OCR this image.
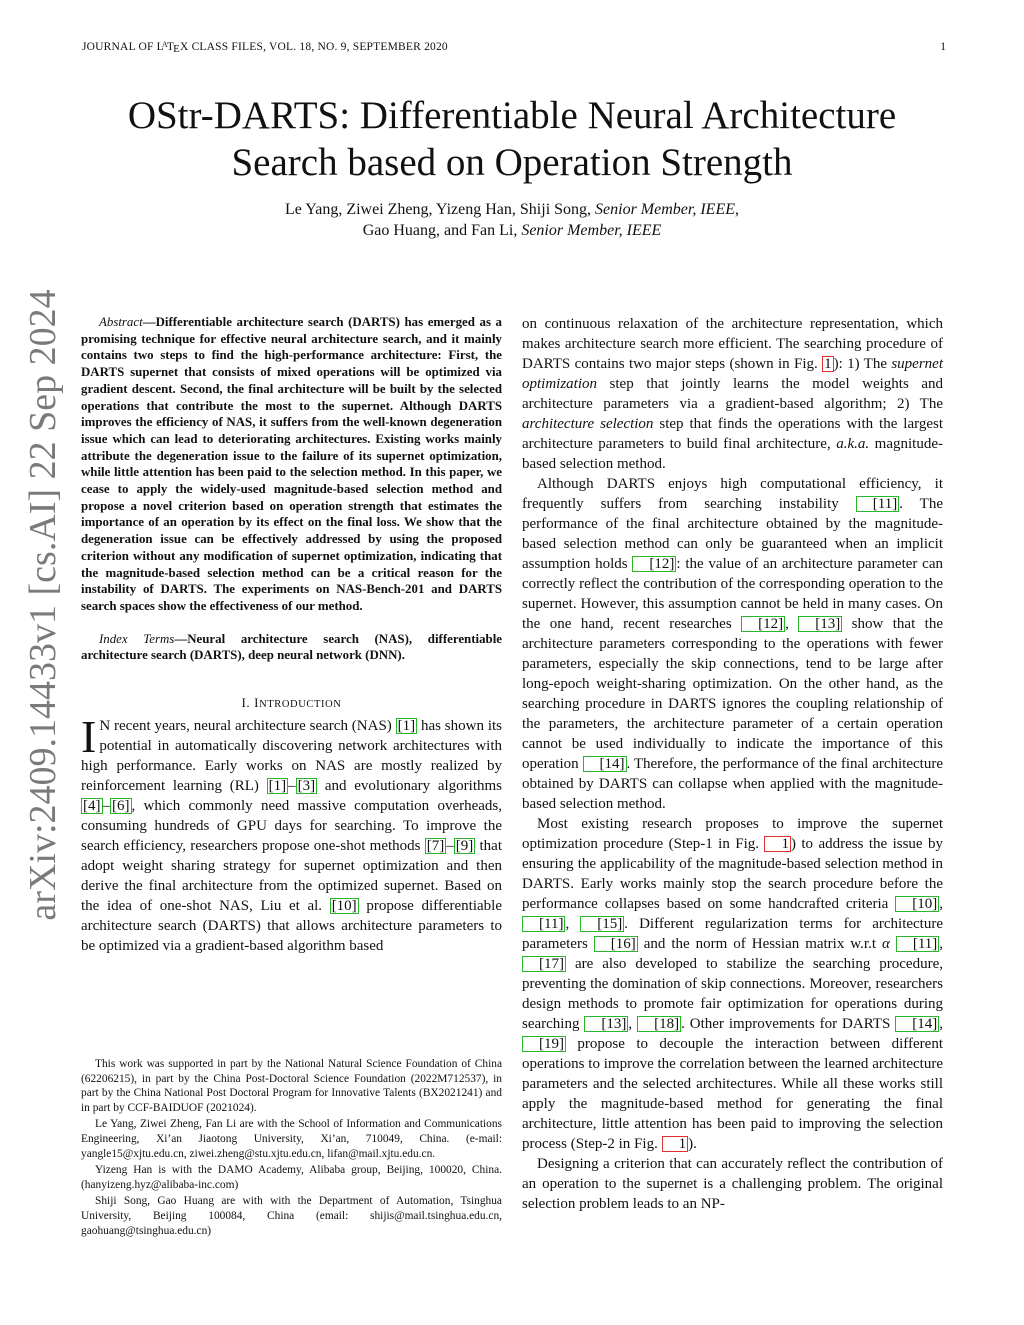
JOURNAL OF $L^ATEX$ CLASS FILES, VOL. 18, NO. 9, SEPTEMBER 2020	1
arXiv:2409.14433v1 [cs.AI] 22 Sep 2024
OStr-DARTS: Differentiable Neural Architecture
Search based on Operation Strength
Le Yang, Ziwei Zheng, Yizeng Han, Shiji Song, Senior Member, IEEE,
Gao Huang, and Fan Li, Senior Member, IEEE

Abstract—Differentiable architecture search (DARTS) has emerged as a promising technique for effective neural architecture search, and it mainly contains two steps to find the high-performance architecture: First, the DARTS supernet that consists of mixed operations will be optimized via gradient descent. Second, the final architecture will be built by the selected operations that contribute the most to the supernet. Although DARTS improves the efficiency of NAS, it suffers from the well-known degeneration issue which can lead to deteriorating architectures. Existing works mainly attribute the degeneration issue to the failure of its supernet optimization, while little attention has been paid to the selection method. In this paper, we cease to apply the widely-used magnitude-based selection method and propose a novel criterion based on operation strength that estimates the importance of an operation by its effect on the final loss. We show that the degeneration issue can be effectively addressed by using the proposed criterion without any modification of supernet optimization, indicating that the magnitude-based selection method can be a critical reason for the instability of DARTS. The experiments on NAS-Bench-201 and DARTS search spaces show the effectiveness of our method.

Index Terms—Neural architecture search (NAS), differentiable architecture search (DARTS), deep neural network (DNN).

I. INTRODUCTION

I N recent years, neural architecture search (NAS) [1] has shown its potential in automatically discovering network architectures with high performance. Early works on NAS are mostly realized by reinforcement learning (RL) [1] – [3] and evolutionary algorithms [4] – [6] , which commonly need massive computation overheads, consuming hundreds of GPU days for searching. To improve the search efficiency, researchers propose one-shot methods [7] – [9] that adopt weight sharing strategy for supernet optimization and then derive the final architecture from the optimized supernet. Based on the idea of one-shot NAS, Liu et al. [10] propose differentiable architecture search (DARTS) that allows architecture parameters to be optimized via a gradient-based algorithm based

This work was supported in part by the National Natural Science Foundation of China (62206215), in part by the China Post-Doctoral Science Foundation (2022M712537), in part by the China National Post Doctoral Program for Innovative Talents (BX2021241) and in part by CCF-BAIDUOF (2021024).

Le Yang, Ziwei Zheng, Fan Li are with the School of Information and Communications Engineering, Xi’an Jiaotong University, Xi’an, 710049, China. (e-mail: yangle15@xjtu.edu.cn, ziwei.zheng@stu.xjtu.edu.cn, lifan@mail.xjtu.edu.cn.

Yizeng Han is with the DAMO Academy, Alibaba group, Beijing, 100020, China. (hanyizeng.hyz@alibaba-inc.com)

Shiji Song, Gao Huang are with with the Department of Automation, Tsinghua University, Beijing 100084, China (email: shijis@mail.tsinghua.edu.cn, gaohuang@tsinghua.edu.cn)

on continuous relaxation of the architecture representation, which makes architecture search more efficient. The searching procedure of DARTS contains two major steps (shown in Fig. 1 ): 1) The supernet optimization step that jointly learns the model weights and architecture parameters via a gradient-based algorithm; 2) The architecture selection step that finds the operations with the largest architecture parameters to build final architecture, a.k.a. magnitude-based selection method.

Although DARTS enjoys high computational efficiency, it frequently suffers from searching instability [11] . The performance of the final architecture obtained by the magnitude-based selection method can only be guaranteed when an implicit assumption holds [12] : the value of an architecture parameter can correctly reflect the contribution of the corresponding operation to the supernet. However, this assumption cannot be held in many cases. On the one hand, recent researches [12] , [13] show that the architecture parameters corresponding to the operations with fewer parameters, especially the skip connections, tend to be large after long-epoch weight-sharing optimization. On the other hand, as the searching procedure in DARTS ignores the coupling relationship of the parameters, the architecture parameter of a certain operation cannot be used individually to indicate the importance of this operation [14] . Therefore, the performance of the final architecture obtained by DARTS can collapse when applied with the magnitude-based selection method.

Most existing research proposes to improve the supernet optimization procedure (Step-1 in Fig. 1 ) to address the issue by ensuring the applicability of the magnitude-based selection method in DARTS. Early works mainly stop the search procedure before the performance collapses based on some handcrafted criteria [10] , [11] , [15] . Different regularization terms for architecture parameters [16] and the norm of Hessian matrix w.r.t α [11] , [17] are also developed to stabilize the searching procedure, preventing the domination of skip connections. Moreover, researchers design methods to promote fair optimization for operations during searching [13] , [18] . Other improvements for DARTS [14] , [19] propose to decouple the interaction between different operations to improve the correlation between the learned architecture parameters and the selected architectures. While all these works still apply the magnitude-based method for generating the final architecture, little attention has been paid to improving the selection process (Step-2 in Fig. 1 ).

Designing a criterion that can accurately reflect the contribution of an operation to the supernet is a challenging problem. The original selection problem leads to an NP-
